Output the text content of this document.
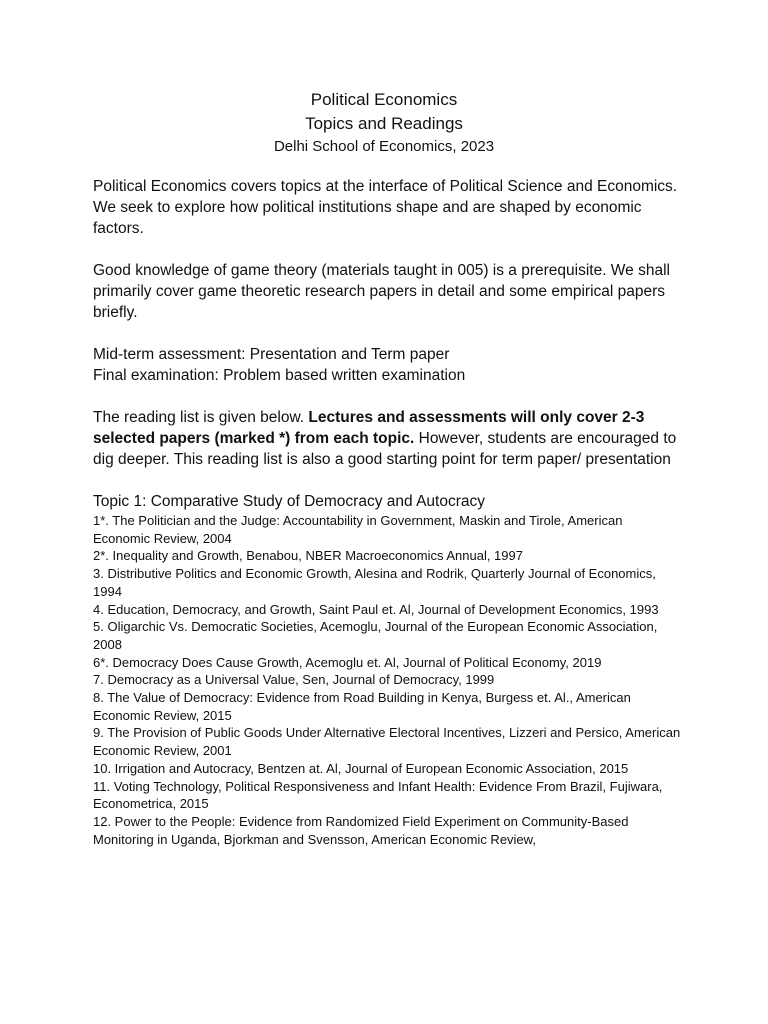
Political Economics
Topics and Readings
Delhi School of Economics, 2023

Political Economics covers topics at the interface of Political Science and Economics. We seek to explore how political institutions shape and are shaped by economic factors.

Good knowledge of game theory (materials taught in 005) is a prerequisite. We shall primarily cover game theoretic research papers in detail and some empirical papers briefly.

Mid-term assessment: Presentation and Term paper

Final examination: Problem based written examination

The reading list is given below. Lectures and assessments will only cover 2-3 selected papers (marked *) from each topic. However, students are encouraged to dig deeper. This reading list is also a good starting point for term paper/ presentation

Topic 1: Comparative Study of Democracy and Autocracy

1*. The Politician and the Judge: Accountability in Government, Maskin and Tirole, American Economic Review, 2004

2*. Inequality and Growth, Benabou, NBER Macroeconomics Annual, 1997

3. Distributive Politics and Economic Growth, Alesina and Rodrik, Quarterly Journal of Economics, 1994

4. Education, Democracy, and Growth, Saint Paul et. Al, Journal of Development Economics, 1993

5. Oligarchic Vs. Democratic Societies, Acemoglu, Journal of the European Economic Association, 2008

6*. Democracy Does Cause Growth, Acemoglu et. Al, Journal of Political Economy, 2019

7. Democracy as a Universal Value, Sen, Journal of Democracy, 1999

8. The Value of Democracy: Evidence from Road Building in Kenya, Burgess et. Al., American Economic Review, 2015

9. The Provision of Public Goods Under Alternative Electoral Incentives, Lizzeri and Persico, American Economic Review, 2001

10. Irrigation and Autocracy, Bentzen at. Al, Journal of European Economic Association, 2015

11. Voting Technology, Political Responsiveness and Infant Health: Evidence From Brazil, Fujiwara, Econometrica, 2015

12. Power to the People: Evidence from Randomized Field Experiment on Community-Based Monitoring in Uganda, Bjorkman and Svensson, American Economic Review,
